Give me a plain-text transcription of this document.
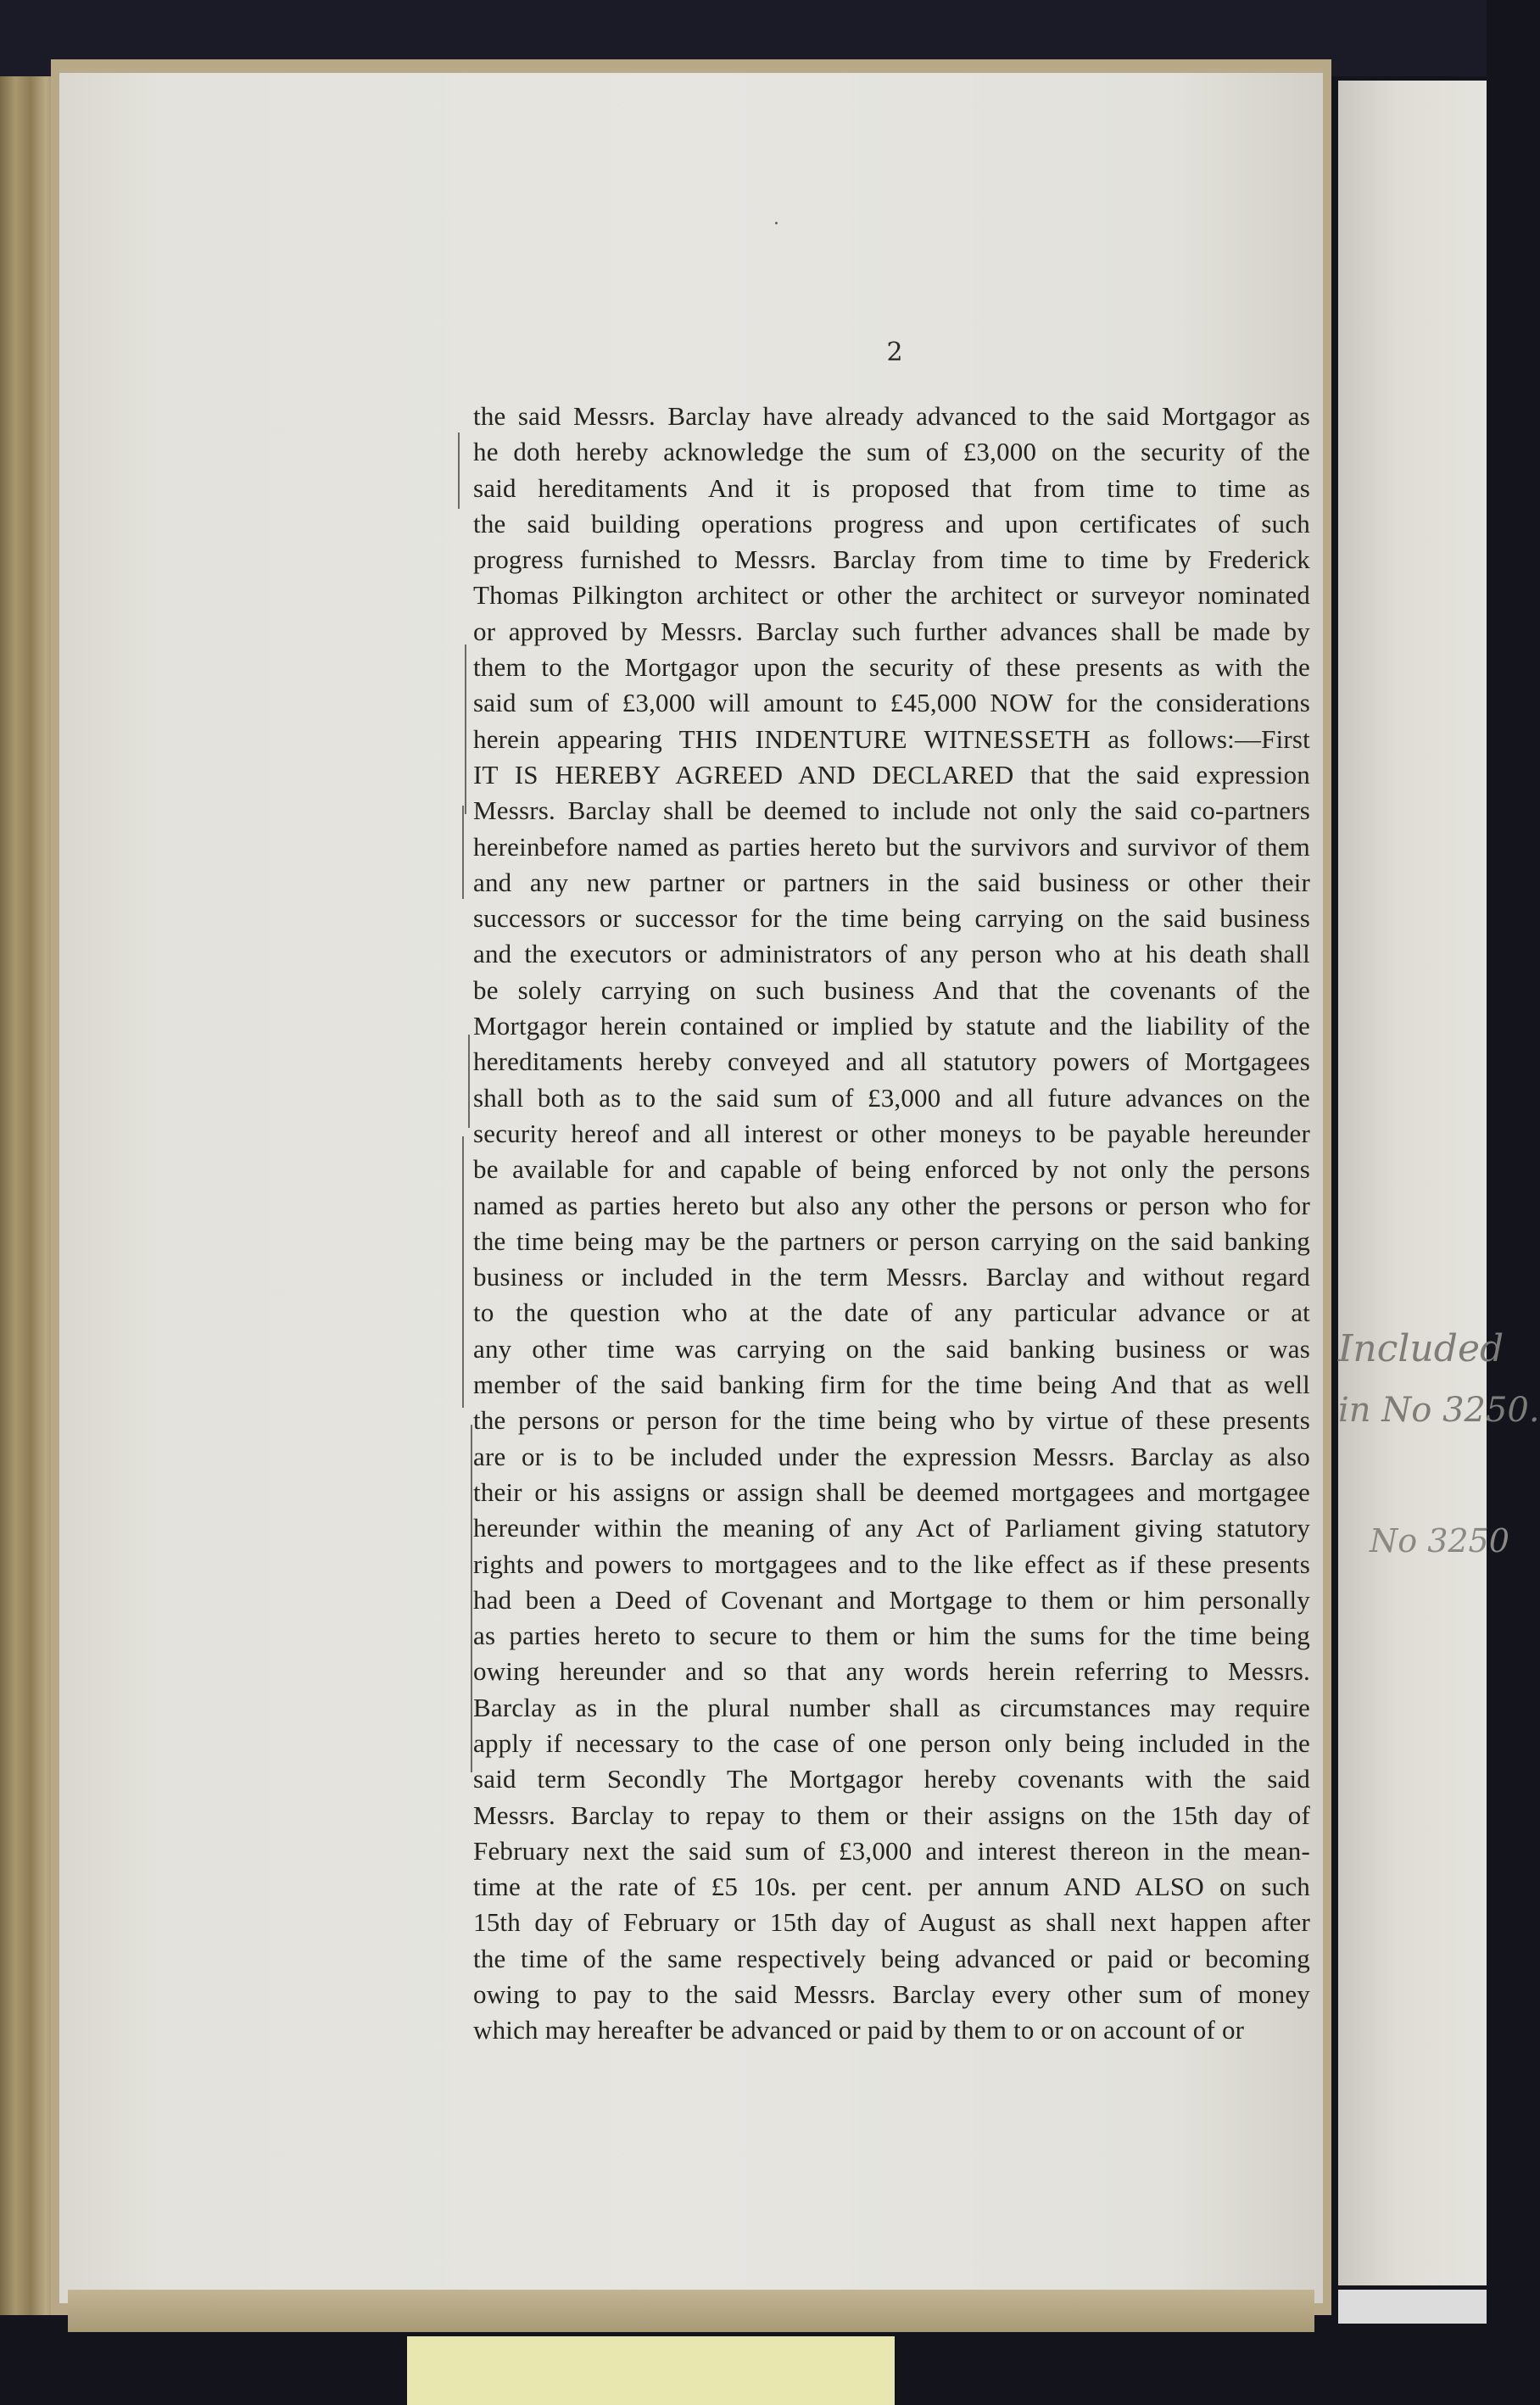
·
2
the said Messrs. Barclay have already advanced to the said Mortgagor as
he doth hereby acknowledge the sum of £3,000 on the security of the
said hereditaments And it is proposed that from time to time as
the said building operations progress and upon certificates of such
progress furnished to Messrs. Barclay from time to time by Frederick
Thomas Pilkington architect or other the architect or surveyor nominated
or approved by Messrs. Barclay such further advances shall be made by
them to the Mortgagor upon the security of these presents as with the
said sum of £3,000 will amount to £45,000 NOW for the considerations
herein appearing THIS INDENTURE WITNESSETH as follows:—First
IT IS HEREBY AGREED AND DECLARED that the said expression
Messrs. Barclay shall be deemed to include not only the said co-partners
hereinbefore named as parties hereto but the survivors and survivor of them
and any new partner or partners in the said business or other their
successors or successor for the time being carrying on the said business
and the executors or administrators of any person who at his death shall
be solely carrying on such business And that the covenants of the
Mortgagor herein contained or implied by statute and the liability of the
hereditaments hereby conveyed and all statutory powers of Mortgagees
shall both as to the said sum of £3,000 and all future advances on the
security hereof and all interest or other moneys to be payable hereunder
be available for and capable of being enforced by not only the persons
named as parties hereto but also any other the persons or person who for
the time being may be the partners or person carrying on the said banking
business or included in the term Messrs. Barclay and without regard
to the question who at the date of any particular advance or at
any other time was carrying on the said banking business or was
member of the said banking firm for the time being And that as well
the persons or person for the time being who by virtue of these presents
are or is to be included under the expression Messrs. Barclay as also
their or his assigns or assign shall be deemed mortgagees and mortgagee
hereunder within the meaning of any Act of Parliament giving statutory
rights and powers to mortgagees and to the like effect as if these presents
had been a Deed of Covenant and Mortgage to them or him personally
as parties hereto to secure to them or him the sums for the time being
owing hereunder and so that any words herein referring to Messrs.
Barclay as in the plural number shall as circumstances may require
apply if necessary to the case of one person only being included in the
said term Secondly The Mortgagor hereby covenants with the said
Messrs. Barclay to repay to them or their assigns on the 15th day of
February next the said sum of £3,000 and interest thereon in the mean-
time at the rate of £5 10s. per cent. per annum AND ALSO on such
15th day of February or 15th day of August as shall next happen after
the time of the same respectively being advanced or paid or becoming
owing to pay to the said Messrs. Barclay every other sum of money
which may hereafter be advanced or paid by them to or on account of or
Included
in No 3250.
No 3250
